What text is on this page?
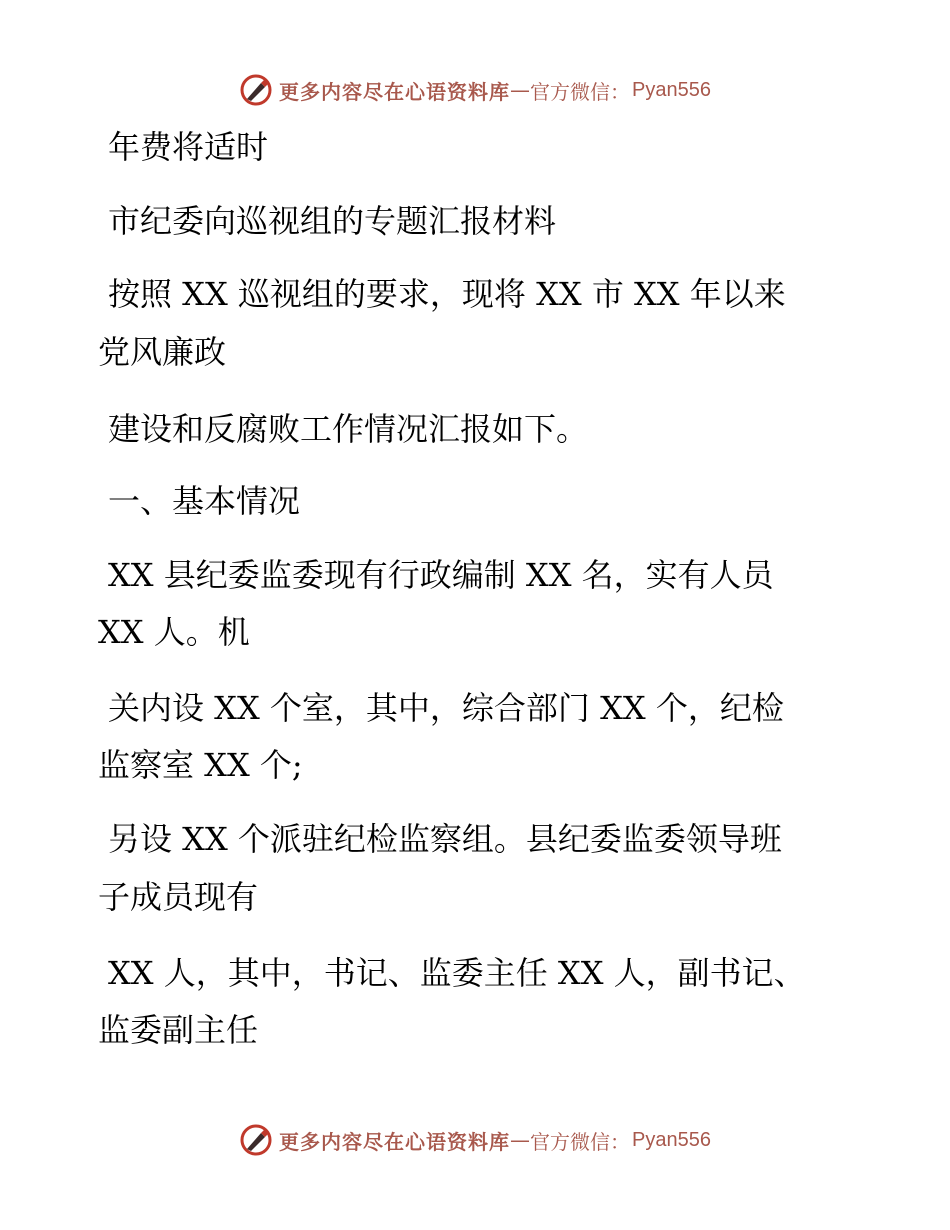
更多内容尽在心语资料库 — 官方微信： Pyan556
年费将适时
市纪委向巡视组的专题汇报材料
按照 XX 巡视组的要求，现将 XX 市 XX 年以来
党风廉政
建设和反腐败工作情况汇报如下。
一、基本情况
XX 县纪委监委现有行政编制 XX 名，实有人员
XX 人。机
关内设 XX 个室，其中，综合部门 XX 个，纪检
监察室 XX 个;
另设 XX 个派驻纪检监察组。县纪委监委领导班
子成员现有
XX 人，其中，书记、监委主任 XX 人，副书记、
监委副主任
更多内容尽在心语资料库 — 官方微信： Pyan556
